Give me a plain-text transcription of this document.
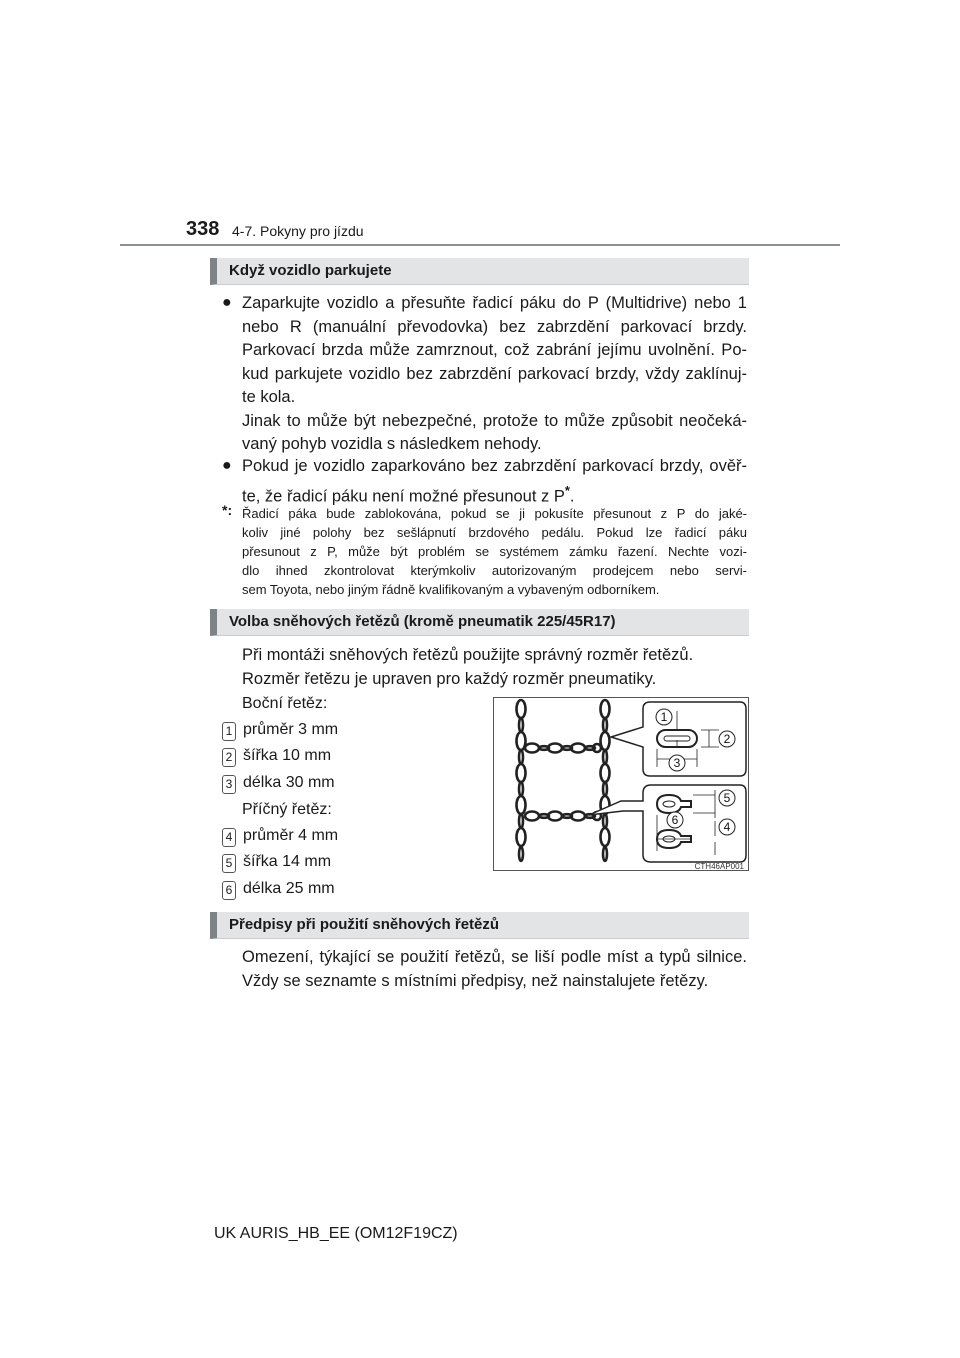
338 4-7. Pokyny pro jízdu
Když vozidlo parkujete
● Zaparkujte vozidlo a přesuňte řadicí páku do P (Multidrive) nebo 1
nebo R (manuální převodovka) bez zabrzdění parkovací brzdy.
Parkovací brzda může zamrznout, což zabrání jejímu uvolnění. Po-
kud parkujete vozidlo bez zabrzdění parkovací brzdy, vždy zaklínuj-
te kola.
Jinak to může být nebezpečné, protože to může způsobit neočeká-
vaný pohyb vozidla s následkem nehody.
● Pokud je vozidlo zaparkováno bez zabrzdění parkovací brzdy, ověř-
te, že řadicí páku není možné přesunout z P*.
*: Řadicí páka bude zablokována, pokud se ji pokusíte přesunout z P do jaké-
koliv jiné polohy bez sešlápnutí brzdového pedálu. Pokud lze řadicí páku
přesunout z P, může být problém se systémem zámku řazení. Nechte vozi-
dlo ihned zkontrolovat kterýmkoliv autorizovaným prodejcem nebo servi-
sem Toyota, nebo jiným řádně kvalifikovaným a vybaveným odborníkem.
Volba sněhových řetězů (kromě pneumatik 225/45R17)
Při montáži sněhových řetězů použijte správný rozměr řetězů.
Rozměr řetězu je upraven pro každý rozměr pneumatiky.
Boční řetěz:
1 průměr 3 mm
2 šířka 10 mm
3 délka 30 mm
Příčný řetěz:
4 průměr 4 mm
5 šířka 14 mm
6 délka 25 mm
1
2
3
5
6	4
CTH46AP001
Předpisy při použití sněhových řetězů
Omezení, týkající se použití řetězů, se liší podle míst a typů silnice.
Vždy se seznamte s místními předpisy, než nainstalujete řetězy.
UK AURIS_HB_EE (OM12F19CZ)
